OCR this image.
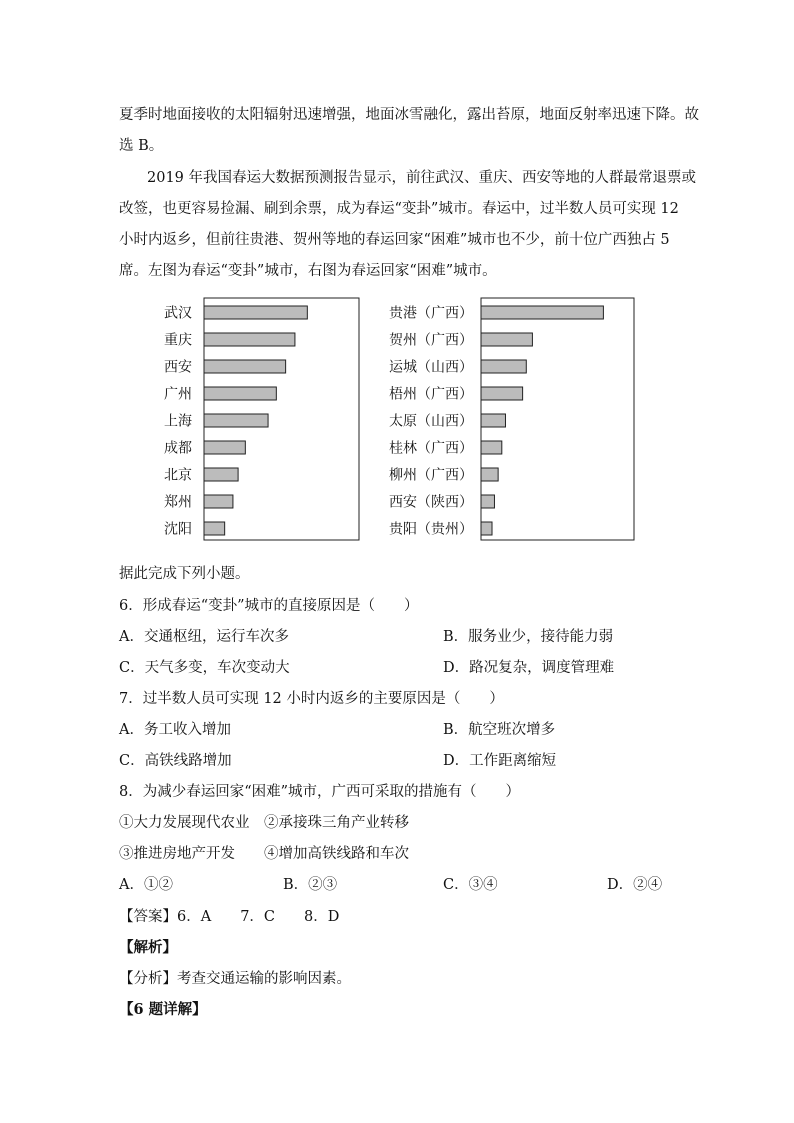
夏季时地面接收的太阳辐射迅速增强，地面冰雪融化，露出苔原，地面反射率迅速下降。故
选 B。
2019 年我国春运大数据预测报告显示，前往武汉、重庆、西安等地的人群最常退票或
改签，也更容易捡漏、刷到余票，成为春运“变卦”城市。春运中，过半数人员可实现 12
小时内返乡，但前往贵港、贺州等地的春运回家“困难”城市也不少，前十位广西独占 5
席。左图为春运“变卦”城市，右图为春运回家“困难”城市。
武汉
重庆
西安
广州
上海
成都
北京
郑州
沈阳
贵港（广西）
贺州（广西）
运城（山西）
梧州（广西）
太原（山西）
桂林（广西）
柳州（广西）
西安（陕西）
贵阳（贵州）
据此完成下列小题。
6．形成春运“变卦”城市的直接原因是（　　）
A．交通枢纽，运行车次多	B．服务业少，接待能力弱
C．天气多变，车次变动大	D．路况复杂，调度管理难
7．过半数人员可实现 12 小时内返乡的主要原因是（　　）
A．务工收入增加	B．航空班次增多
C．高铁线路增加	D．工作距离缩短
8．为减少春运回家“困难”城市，广西可采取的措施有（　　）
①大力发展现代农业　②承接珠三角产业转移
③推进房地产开发　　④增加高铁线路和车次
A．①②	B．②③	C．③④	D．②④
【答案】6．A　　7．C　　8．D
【解析】
【分析】考查交通运输的影响因素。
【6 题详解】
